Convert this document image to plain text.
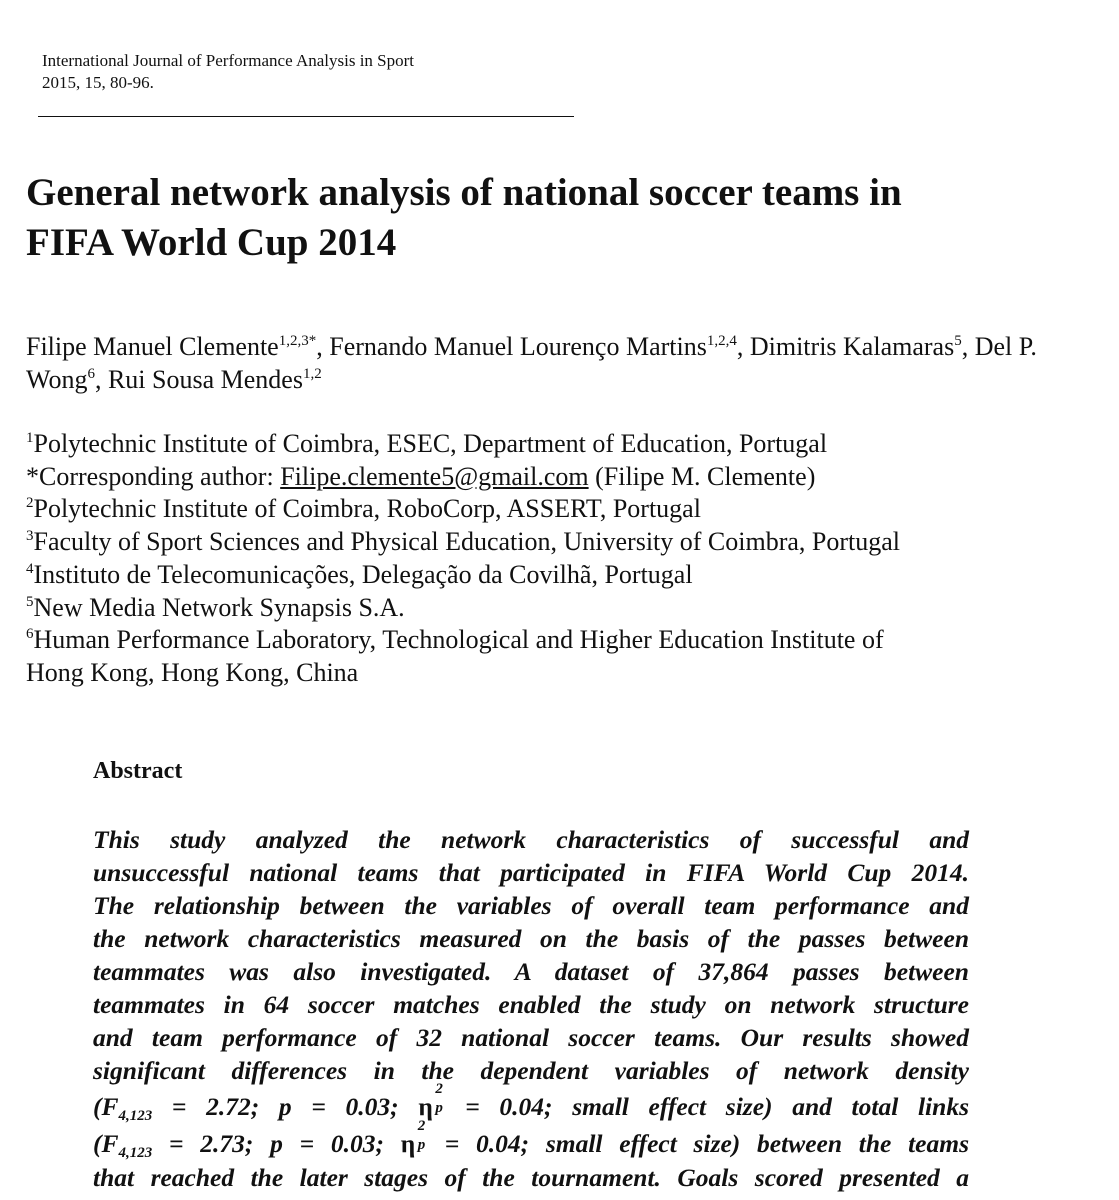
International Journal of Performance Analysis in Sport
2015, 15, 80-96.
General network analysis of national soccer teams in
FIFA World Cup 2014
Filipe Manuel Clemente$^{1,2,3*}$, Fernando Manuel Lourenço Martins$^{1,2,4}$, Dimitris Kalamaras$^5$, Del P. Wong$^6$, Rui Sousa Mendes$^{1,2}$
$^1$Polytechnic Institute of Coimbra, ESEC, Department of Education, Portugal
*Corresponding author: Filipe.clemente5@gmail.com (Filipe M. Clemente)
$^2$Polytechnic Institute of Coimbra, RoboCorp, ASSERT, Portugal
$^3$Faculty of Sport Sciences and Physical Education, University of Coimbra, Portugal
$^4$Instituto de Telecomunicações, Delegação da Covilhã, Portugal
$^5$New Media Network Synapsis S.A.
$^6$Human Performance Laboratory, Technological and Higher Education Institute of
Hong Kong, Hong Kong, China
Abstract
This study analyzed the network characteristics of successful and
unsuccessful national teams that participated in FIFA World Cup 2014.
The relationship between the variables of overall team performance and
the network characteristics measured on the basis of the passes between
teammates was also investigated. A dataset of 37,864 passes between
teammates in 64 soccer matches enabled the study on network structure
and team performance of 32 national soccer teams. Our results showed
significant differences in the dependent variables of network density
(F4,123 = 2.72; p = 0.03; η
2
p = 0.04; small effect size) and total links
(F4,123 = 2.73; p = 0.03; η
2
p = 0.04; small effect size) between the teams
that reached the later stages of the tournament. Goals scored presented a
